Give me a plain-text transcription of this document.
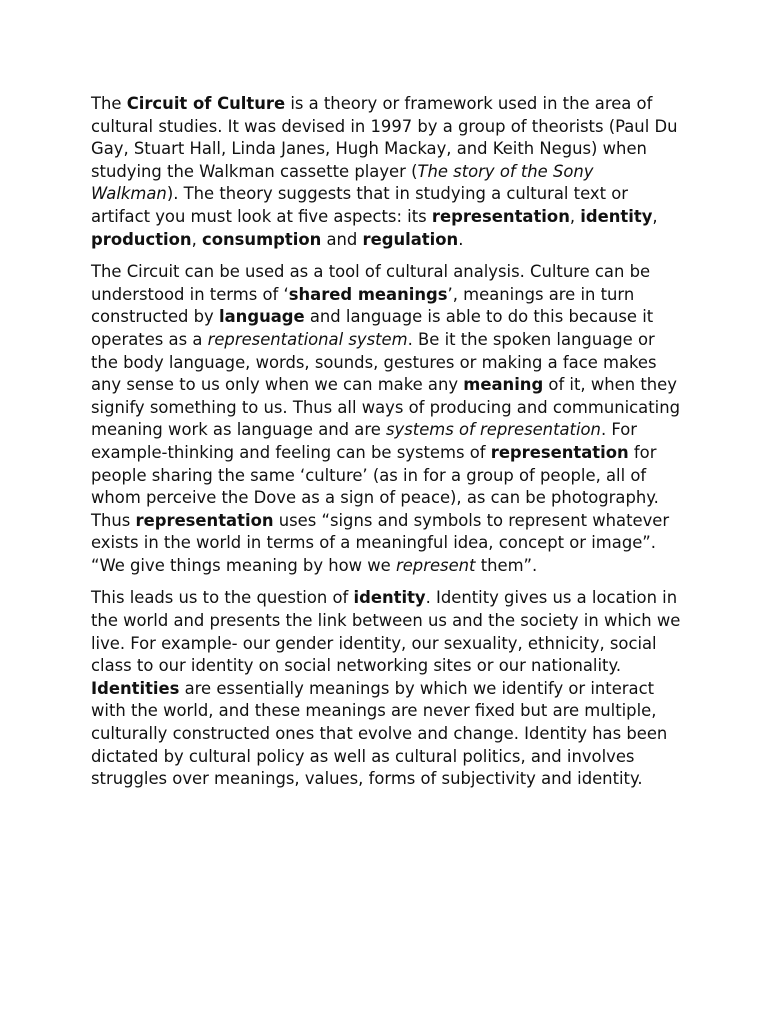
The Circuit of Culture is a theory or framework used in the area of cultural studies. It was devised in 1997 by a group of theorists (Paul Du Gay, Stuart Hall, Linda Janes, Hugh Mackay, and Keith Negus) when studying the Walkman cassette player (The story of the Sony Walkman). The theory suggests that in studying a cultural text or artifact you must look at five aspects: its representation, identity, production, consumption and regulation.

The Circuit can be used as a tool of cultural analysis. Culture can be understood in terms of ‘shared meanings’, meanings are in turn constructed by language and language is able to do this because it operates as a representational system. Be it the spoken language or the body language, words, sounds, gestures or making a face makes any sense to us only when we can make any meaning of it, when they signify something to us. Thus all ways of producing and communicating meaning work as language and are systems of representation. For example-thinking and feeling can be systems of representation for people sharing the same ‘culture’ (as in for a group of people, all of whom perceive the Dove as a sign of peace), as can be photography.

Thus representation uses “signs and symbols to represent whatever exists in the world in terms of a meaningful idea, concept or image”. “We give things meaning by how we represent them”.

This leads us to the question of identity. Identity gives us a location in the world and presents the link between us and the society in which we live. For example- our gender identity, our sexuality, ethnicity, social class to our identity on social networking sites or our nationality. Identities are essentially meanings by which we identify or interact with the world, and these meanings are never fixed but are multiple, culturally constructed ones that evolve and change. Identity has been dictated by cultural policy as well as cultural politics, and involves struggles over meanings, values, forms of subjectivity and identity.
